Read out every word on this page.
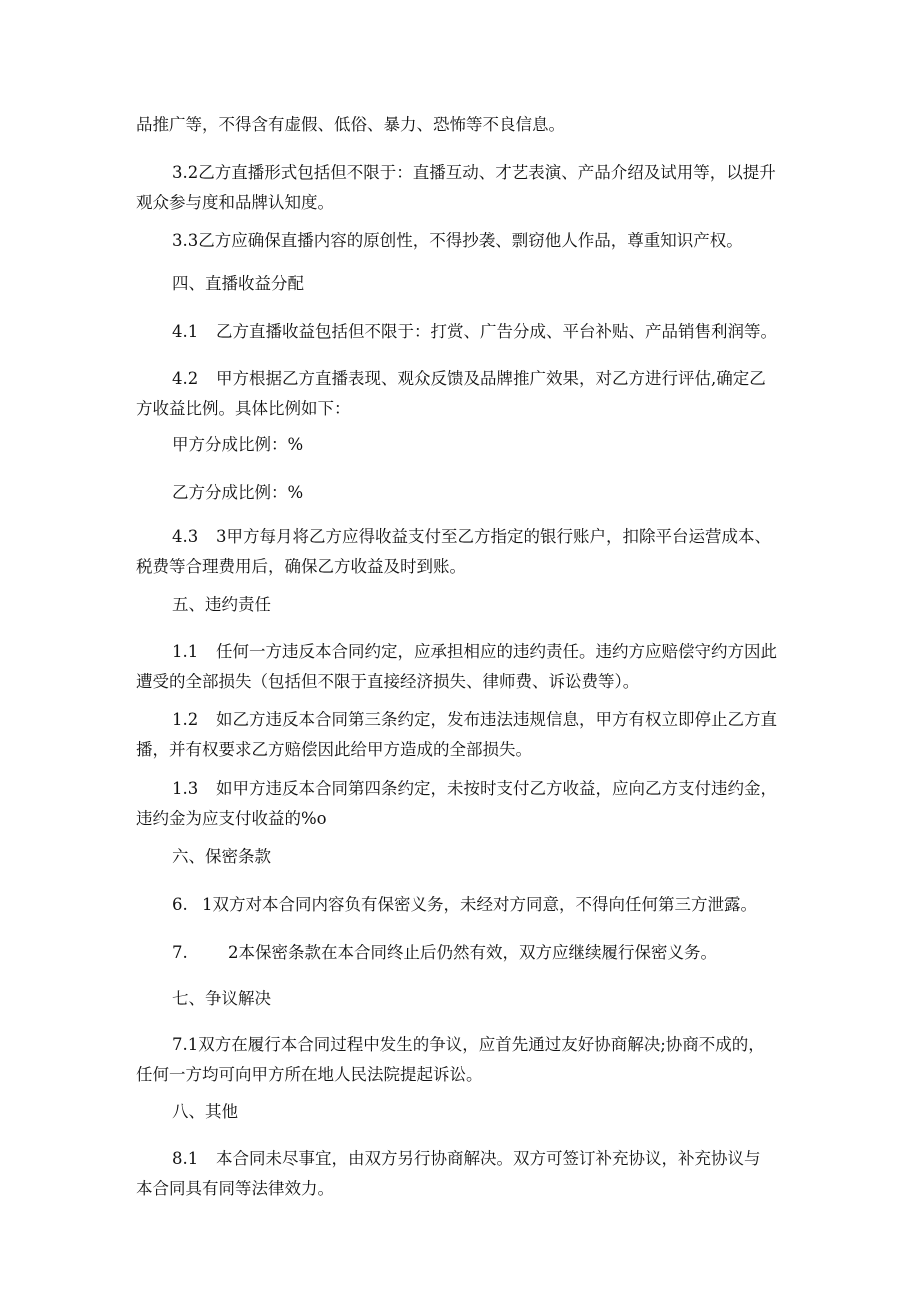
品推广等，不得含有虚假、低俗、暴力、恐怖等不良信息。
3.2乙方直播形式包括但不限于：直播互动、才艺表演、产品介绍及试用等，以提升
观众参与度和品牌认知度。
3.3乙方应确保直播内容的原创性，不得抄袭、剽窃他人作品，尊重知识产权。
四、直播收益分配
4.1 乙方直播收益包括但不限于：打赏、广告分成、平台补贴、产品销售利润等。
4.2 甲方根据乙方直播表现、观众反馈及品牌推广效果，对乙方进行评估,确定乙
方收益比例。具体比例如下：
甲方分成比例：%
乙方分成比例：%
4.3 3甲方每月将乙方应得收益支付至乙方指定的银行账户，扣除平台运营成本、
税费等合理费用后，确保乙方收益及时到账。
五、违约责任
1.1 任何一方违反本合同约定，应承担相应的违约责任。违约方应赔偿守约方因此
遭受的全部损失（包括但不限于直接经济损失、律师费、诉讼费等）。
1.2 如乙方违反本合同第三条约定，发布违法违规信息，甲方有权立即停止乙方直
播，并有权要求乙方赔偿因此给甲方造成的全部损失。
1.3 如甲方违反本合同第四条约定，未按时支付乙方收益，应向乙方支付违约金，
违约金为应支付收益的%o
六、保密条款
6. 1双方对本合同内容负有保密义务，未经对方同意，不得向任何第三方泄露。
7. 2本保密条款在本合同终止后仍然有效，双方应继续履行保密义务。
七、争议解决
7.1双方在履行本合同过程中发生的争议，应首先通过友好协商解决;协商不成的，
任何一方均可向甲方所在地人民法院提起诉讼。
八、其他
8.1 本合同未尽事宜，由双方另行协商解决。双方可签订补充协议，补充协议与
本合同具有同等法律效力。
